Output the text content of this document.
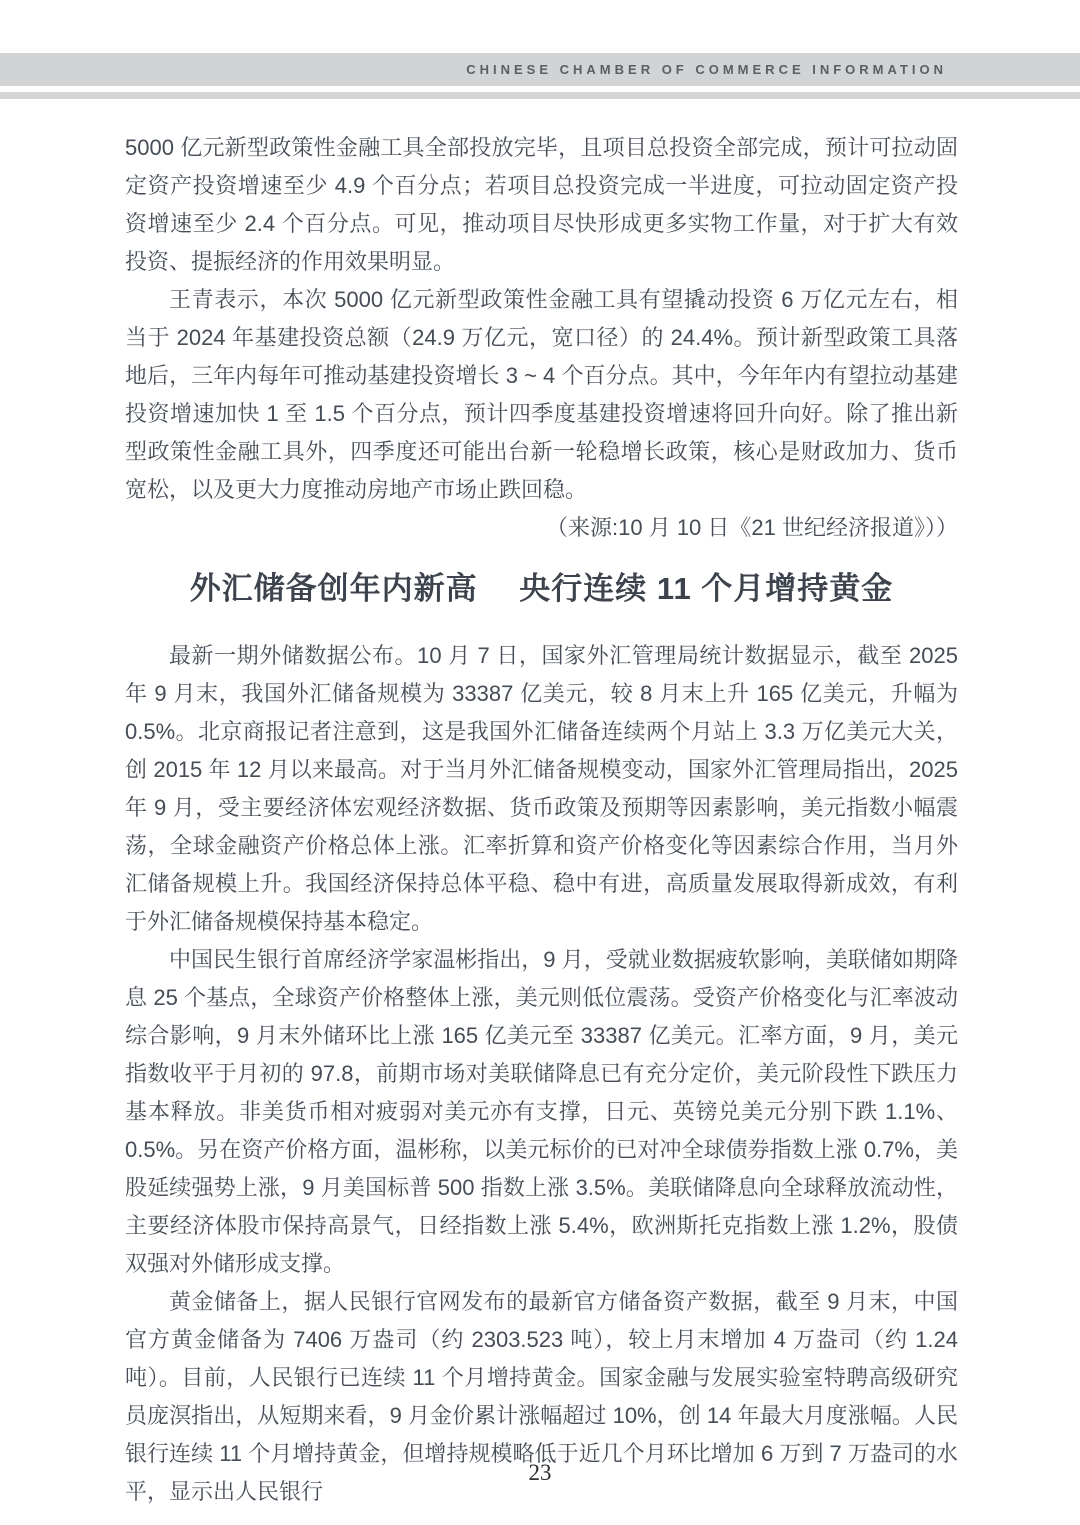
CHINESE CHAMBER OF COMMERCE INFORMATION

5000 亿元新型政策性金融工具全部投放完毕，且项目总投资全部完成，预计可拉动固定资产投资增速至少 4.9 个百分点；若项目总投资完成一半进度，可拉动固定资产投资增速至少 2.4 个百分点。可见，推动项目尽快形成更多实物工作量，对于扩大有效投资、提振经济的作用效果明显。

王青表示，本次 5000 亿元新型政策性金融工具有望撬动投资 6 万亿元左右，相当于 2024 年基建投资总额（24.9 万亿元，宽口径）的 24.4%。预计新型政策工具落地后，三年内每年可推动基建投资增长 3 ~ 4 个百分点。其中，今年年内有望拉动基建投资增速加快 1 至 1.5 个百分点，预计四季度基建投资增速将回升向好。除了推出新型政策性金融工具外，四季度还可能出台新一轮稳增长政策，核心是财政加力、货币宽松，以及更大力度推动房地产市场止跌回稳。
（来源:10 月 10 日《21 世纪经济报道》））

外汇储备创年内新高　 央行连续 11 个月增持黄金

最新一期外储数据公布。10 月 7 日，国家外汇管理局统计数据显示，截至 2025 年 9 月末，我国外汇储备规模为 33387 亿美元，较 8 月末上升 165 亿美元，升幅为 0.5%。北京商报记者注意到，这是我国外汇储备连续两个月站上 3.3 万亿美元大关，创 2015 年 12 月以来最高。对于当月外汇储备规模变动，国家外汇管理局指出，2025 年 9 月，受主要经济体宏观经济数据、货币政策及预期等因素影响，美元指数小幅震荡，全球金融资产价格总体上涨。汇率折算和资产价格变化等因素综合作用，当月外汇储备规模上升。我国经济保持总体平稳、稳中有进，高质量发展取得新成效，有利于外汇储备规模保持基本稳定。

中国民生银行首席经济学家温彬指出，9 月，受就业数据疲软影响，美联储如期降息 25 个基点，全球资产价格整体上涨，美元则低位震荡。受资产价格变化与汇率波动综合影响，9 月末外储环比上涨 165 亿美元至 33387 亿美元。汇率方面，9 月，美元指数收平于月初的 97.8，前期市场对美联储降息已有充分定价，美元阶段性下跌压力基本释放。非美货币相对疲弱对美元亦有支撑，日元、英镑兑美元分别下跌 1.1%、0.5%。另在资产价格方面，温彬称，以美元标价的已对冲全球债券指数上涨 0.7%，美股延续强势上涨，9 月美国标普 500 指数上涨 3.5%。美联储降息向全球释放流动性，主要经济体股市保持高景气，日经指数上涨 5.4%，欧洲斯托克指数上涨 1.2%，股债双强对外储形成支撑。

黄金储备上，据人民银行官网发布的最新官方储备资产数据，截至 9 月末，中国官方黄金储备为 7406 万盎司（约 2303.523 吨），较上月末增加 4 万盎司（约 1.24 吨）。目前，人民银行已连续 11 个月增持黄金。国家金融与发展实验室特聘高级研究员庞溟指出，从短期来看，9 月金价累计涨幅超过 10%，创 14 年最大月度涨幅。人民银行连续 11 个月增持黄金，但增持规模略低于近几个月环比增加 6 万到 7 万盎司的水平，显示出人民银行

23
